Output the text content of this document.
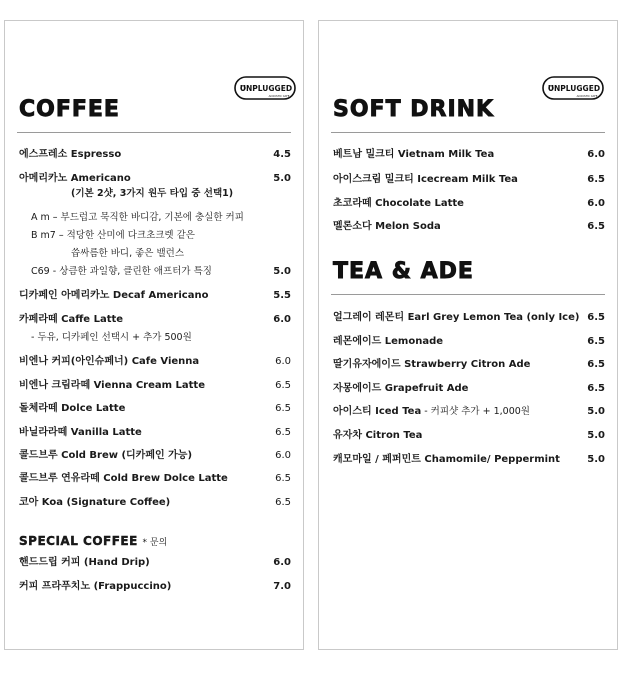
UNPLUGGED
ACOUSTIC CAFE
COFFEE
에스프레소 Espresso	4.5
아메리카노 Americano	5.0
(기본 2샷, 3가지 원두 타입 중 선택1)
A m – 부드럽고 묵직한 바디감, 기본에 충실한 커피
B m7 – 적당한 산미에 다크초크렛 같은
씁싸름한 바디, 좋은 밸런스
C69 - 상큼한 과일향, 클린한 애프터가 특징	5.0
디카페인 아메리카노 Decaf Americano	5.5
카페라떼 Caffe Latte	6.0
- 두유, 디카페인 선택시 + 추가 500원
비엔나 커피(아인슈페너) Cafe Vienna	6.0
비엔나 크림라떼 Vienna Cream Latte	6.5
돌체라떼 Dolce Latte	6.5
바닐라라떼 Vanilla Latte	6.5
콜드브루 Cold Brew (디카페인 가능)	6.0
콜드브루 연유라떼 Cold Brew Dolce Latte	6.5
코아 Koa (Signature Coffee)	6.5
SPECIAL COFFEE * 문의
핸드드립 커피 (Hand Drip)	6.0
커피 프라푸치노 (Frappuccino)	7.0
UNPLUGGED
ACOUSTIC CAFE
SOFT DRINK
베트남 밀크티 Vietnam Milk Tea	6.0
아이스크림 밀크티 Icecream Milk Tea	6.5
초코라떼 Chocolate Latte	6.0
멜론소다 Melon Soda	6.5
TEA & ADE
얼그레이 레몬티 Earl Grey Lemon Tea (only Ice) 6.5
레몬에이드 Lemonade	6.5
딸기유자에이드 Strawberry Citron Ade	6.5
자몽에이드 Grapefruit Ade	6.5
아이스티 Iced Tea - 커피샷 추가 + 1,000원	5.0
유자차 Citron Tea	5.0
캐모마일 / 페퍼민트 Chamomile/ Peppermint	5.0
